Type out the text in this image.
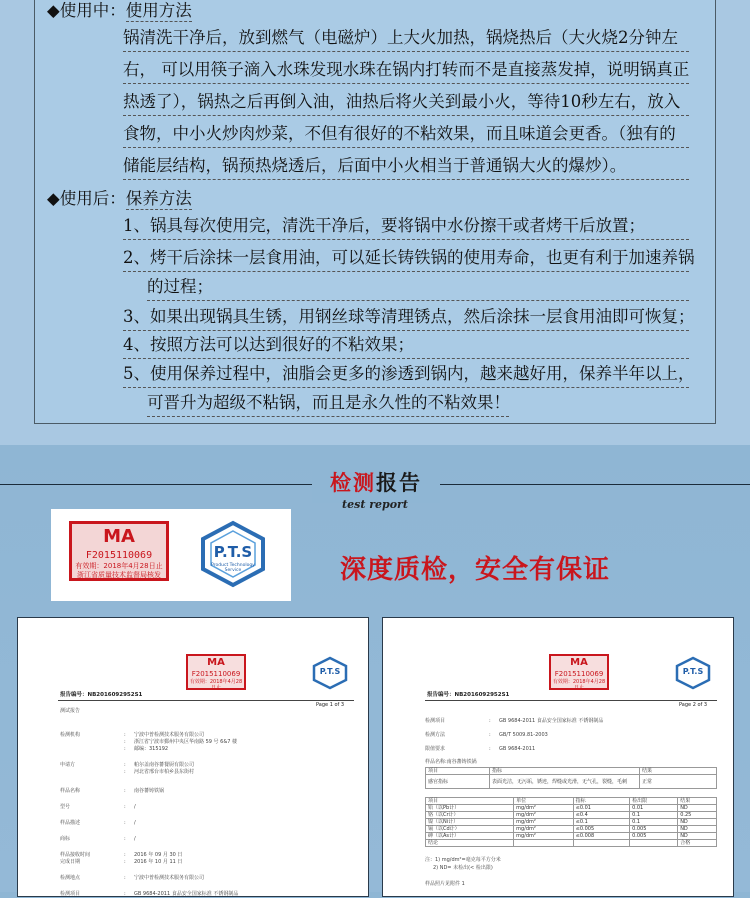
◆使用中：使用方法
锅清洗干净后，放到燃气（电磁炉）上大火加热，锅烧热后（大火烧2分钟左
右， 可以用筷子滴入水珠发现水珠在锅内打转而不是直接蒸发掉，说明锅真正
热透了），锅热之后再倒入油，油热后将火关到最小火，等待10秒左右，放入
食物，中小火炒肉炒菜，不但有很好的不粘效果，而且味道会更香。（独有的
储能层结构，锅预热烧透后，后面中小火相当于普通锅大火的爆炒）。
◆使用后：保养方法
1、锅具每次使用完，清洗干净后，要将锅中水份擦干或者烤干后放置；
2、烤干后涂抹一层食用油，可以延长铸铁锅的使用寿命，也更有利于加速养锅
的过程；
3、如果出现锅具生锈，用钢丝球等清理锈点，然后涂抹一层食用油即可恢复；
4、按照方法可以达到很好的不粘效果；
5、使用保养过程中，油脂会更多的渗透到锅内，越来越好用，保养半年以上，
可晋升为超级不粘锅，而且是永久性的不粘效果！
检测报告
test report
MA
F2015110069
有效期：2018年4月28日止
浙江省质量技术监督局核发
P.T.S
Product Technology Service	深度质检，安全有保证
MA
F2015110069
有效期：2018年4月28日止
P.T.S
报告编号：NB2016092952S1
Page 1 of 3
测试报告
检测机构	: 宁波中普检测技术服务有限公司
: 浙江省宁波市鄞州中央区华南路 59 号 6&7 楼
: 邮编：315192
申请方	: 帕尔盖南谷蕃餐厨有限公司
: 河北省邢台市柏乡县东街村
样品名称	: 南谷蕃铸铁锅
型号	: /
样品描述	: /
商标	: /
样品接收时间	: 2016 年 09 月 30 日
完成日期	: 2016 年 10 月 11 日
检测地点	: 宁波中普检测技术服务有限公司
检测项目	: GB 9684-2011 食品安全国家标准 不锈钢制品
MA
F2015110069
有效期：2018年4月28日止
P.T.S
报告编号：NB2016092952S1
Page 2 of 3
检测项目	: GB 9684-2011 食品安全国家标准 不锈钢制品
检测方法	: GB/T 5009.81-2003
限值要求	: GB 9684-2011
样品名称:南谷蕃铸铁锅
项目	指标	结果
感官指标	表面光洁，无污垢，锈迹，焊缝或光滑，无气孔，裂缝，毛刺	正常
项目	单位	指标	检出限	结果
铅（以Pb计）	mg/dm²	≤0.01	0.01	ND
铬（以Cr计）	mg/dm²	≤0.4	0.1	0.25
镍（以Ni计）	mg/dm²	≤0.1	0.1	ND
镉（以Cd计）	mg/dm²	≤0.005	0.005	ND
砷（以As计）	mg/dm²	≤0.008	0.005	ND
结论				合格
注：1) mg/dm²=毫克每平方分米
2) ND= 未检出(< 检出限)
样品照片见附件 1
